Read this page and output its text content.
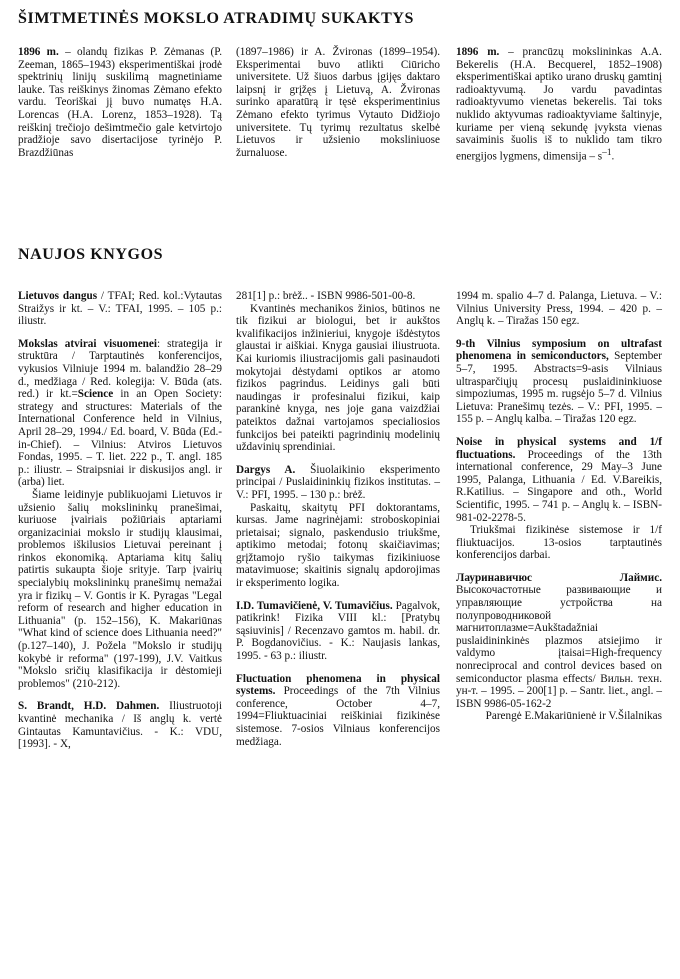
ŠIMTMETINĖS MOKSLO ATRADIMŲ SUKAKTYS

1896 m. – olandų fizikas P. Zėmanas (P. Zeeman, 1865–1943) eksperimentiškai įrodė spektrinių linijų suskilimą magnetiniame lauke. Tas reiškinys žinomas Zėmano efekto vardu. Teoriškai jį buvo numatęs H.A. Lorencas (H.A. Lorenz, 1853–1928). Tą reiškinį trečiojo dešimtmečio gale ketvirtojo pradžioje savo disertacijose tyrinėjo P. Brazdžiūnas

(1897–1986) ir A. Žvironas (1899–1954). Eksperimentai buvo atlikti Ciūricho universitete. Už šiuos darbus įgijęs daktaro laipsnį ir grįžęs į Lietuvą, A. Žvironas surinko aparatūrą ir tęsė eksperimentinius Zėmano efekto tyrimus Vytauto Didžiojo universitete. Tų tyrimų rezultatus skelbė Lietuvos ir užsienio moksliniuose žurnaluose.

1896 m. – prancūzų mokslininkas A.A. Bekerelis (H.A. Becquerel, 1852–1908) eksperimentiškai aptiko urano druskų gamtinį radioaktyvumą. Jo vardu pavadintas radioaktyvumo vienetas bekerelis. Tai toks nuklido aktyvumas radioaktyviame šaltinyje, kuriame per vieną sekundę įvyksta vienas savaiminis šuolis iš to nuklido tam tikro energijos lygmens, dimensija – $s^{-1}$.

NAUJOS KNYGOS

Lietuvos dangus / TFAI; Red. kol.:Vytautas Straižys ir kt. – V.: TFAI, 1995. – 105 p.: iliustr.

Mokslas atvirai visuomenei: strategija ir struktūra / Tarptautinės konferencijos, vykusios Vilniuje 1994 m. balandžio 28–29 d., medžiaga / Red. kolegija: V. Būda (ats. red.) ir kt.=Science in an Open Society: strategy and structures: Materials of the International Conference held in Vilnius, April 28–29, 1994./ Ed. board, V. Būda (Ed.-in-Chief). – Vilnius: Atviros Lietuvos Fondas, 1995. – T. liet. 222 p., T. angl. 185 p.: iliustr. – Straipsniai ir diskusijos angl. ir (arba) liet.

Šiame leidinyje publikuojami Lietuvos ir užsienio šalių mokslininkų pranešimai, kuriuose įvairiais požiūriais aptariami organizaciniai mokslo ir studijų klausimai, problemos iškilusios Lietuvai pereinant į rinkos ekonomiką. Aptariama kitų šalių patirtis sukaupta šioje srityje. Tarp įvairių specialybių mokslininkų pranešimų nemažai yra ir fizikų – V. Gontis ir K. Pyragas "Legal reform of research and higher education in Lithuania" (p. 152–156), K. Makariūnas "What kind of science does Lithuania need?" (p.127–140), J. Požela "Mokslo ir studijų kokybė ir reforma" (197-199), J.V. Vaitkus "Mokslo sričių klasifikacija ir dėstomieji problemos" (210-212).

S. Brandt, H.D. Dahmen. Iliustruotoji kvantinė mechanika / Iš anglų k. vertė Gintautas Kamuntavičius. - K.: VDU, [1993]. - X,

281[1] p.: brėž.. - ISBN 9986-501-00-8.

Kvantinės mechanikos žinios, būtinos ne tik fizikui ar biologui, bet ir aukštos kvalifikacijos inžinieriui, knygoje išdėstytos glaustai ir aiškiai. Knyga gausiai iliustruota. Kai kuriomis iliustracijomis gali pasinaudoti mokytojai dėstydami optikos ar atomo fizikos pagrindus. Leidinys gali būti naudingas ir profesinalui fizikui, kaip parankinė knyga, nes joje gana vaizdžiai pateiktos dažnai vartojamos specialiosios funkcijos bei pateikti pagrindinių modelinių uždavinių sprendiniai.

Dargys A. Šiuolaikinio eksperimento principai / Puslaidininkių fizikos institutas. – V.: PFI, 1995. – 130 p.: brėž.

Paskaitų, skaitytų PFI doktorantams, kursas. Jame nagrinėjami: stroboskopiniai prietaisai; signalo, paskendusio triukšme, aptikimo metodai; fotonų skaičiavimas; grįžtamojo ryšio taikymas fizikiniuose matavimuose; skaitinis signalų apdorojimas ir eksperimento logika.

I.D. Tumavičienė, V. Tumavičius. Pagalvok, patikrink! Fizika VIII kl.: [Pratybų sąsiuvinis] / Recenzavo gamtos m. habil. dr. P. Bogdanovičius. - K.: Naujasis lankas, 1995. - 63 p.: iliustr.

Fluctuation phenomena in physical systems. Proceedings of the 7th Vilnius conference, October 4–7, 1994=Fliuktuaciniai reiškiniai fizikinėse sistemose. 7-osios Vilniaus konferencijos medžiaga.

1994 m. spalio 4–7 d. Palanga, Lietuva. – V.: Vilnius University Press, 1994. – 420 p. – Anglų k. – Tiražas 150 egz.

9-th Vilnius symposium on ultrafast phenomena in semiconductors, September 5–7, 1995. Abstracts=9-asis Vilniaus ultrasparčiųjų procesų puslaidininkiuose simpoziumas, 1995 m. rugsėjo 5–7 d. Vilnius Lietuva: Pranešimų tezės. – V.: PFI, 1995. – 155 p. – Anglų kalba. – Tiražas 120 egz.

Noise in physical systems and 1/f fluctuations. Proceedings of the 13th international conference, 29 May–3 June 1995, Palanga, Lithuania / Ed. V.Bareikis, R.Katilius. – Singapore and oth., World Scientific, 1995. – 741 p. – Anglų k. – ISBN-981-02-2278-5.

Triukšmai fizikinėse sistemose ir 1/f fliuktuacijos. 13-osios tarptautinės konferencijos darbai.

Лауринавичюс Лаймис. Высокочастотные развивающие и управляющие устройства на полупроводниковой магнитоплазме=Aukštadažniai puslaidininkinės plazmos atsiejimo ir valdymo įtaisai=High-frequency nonreciprocal and control devices based on semiconductor plasma effects/ Вильн. техн. ун-т. – 1995. – 200[1] p. – Santr. liet., angl. – ISBN 9986-05-162-2

Parengė E.Makariūnienė ir V.Šilalnikas
